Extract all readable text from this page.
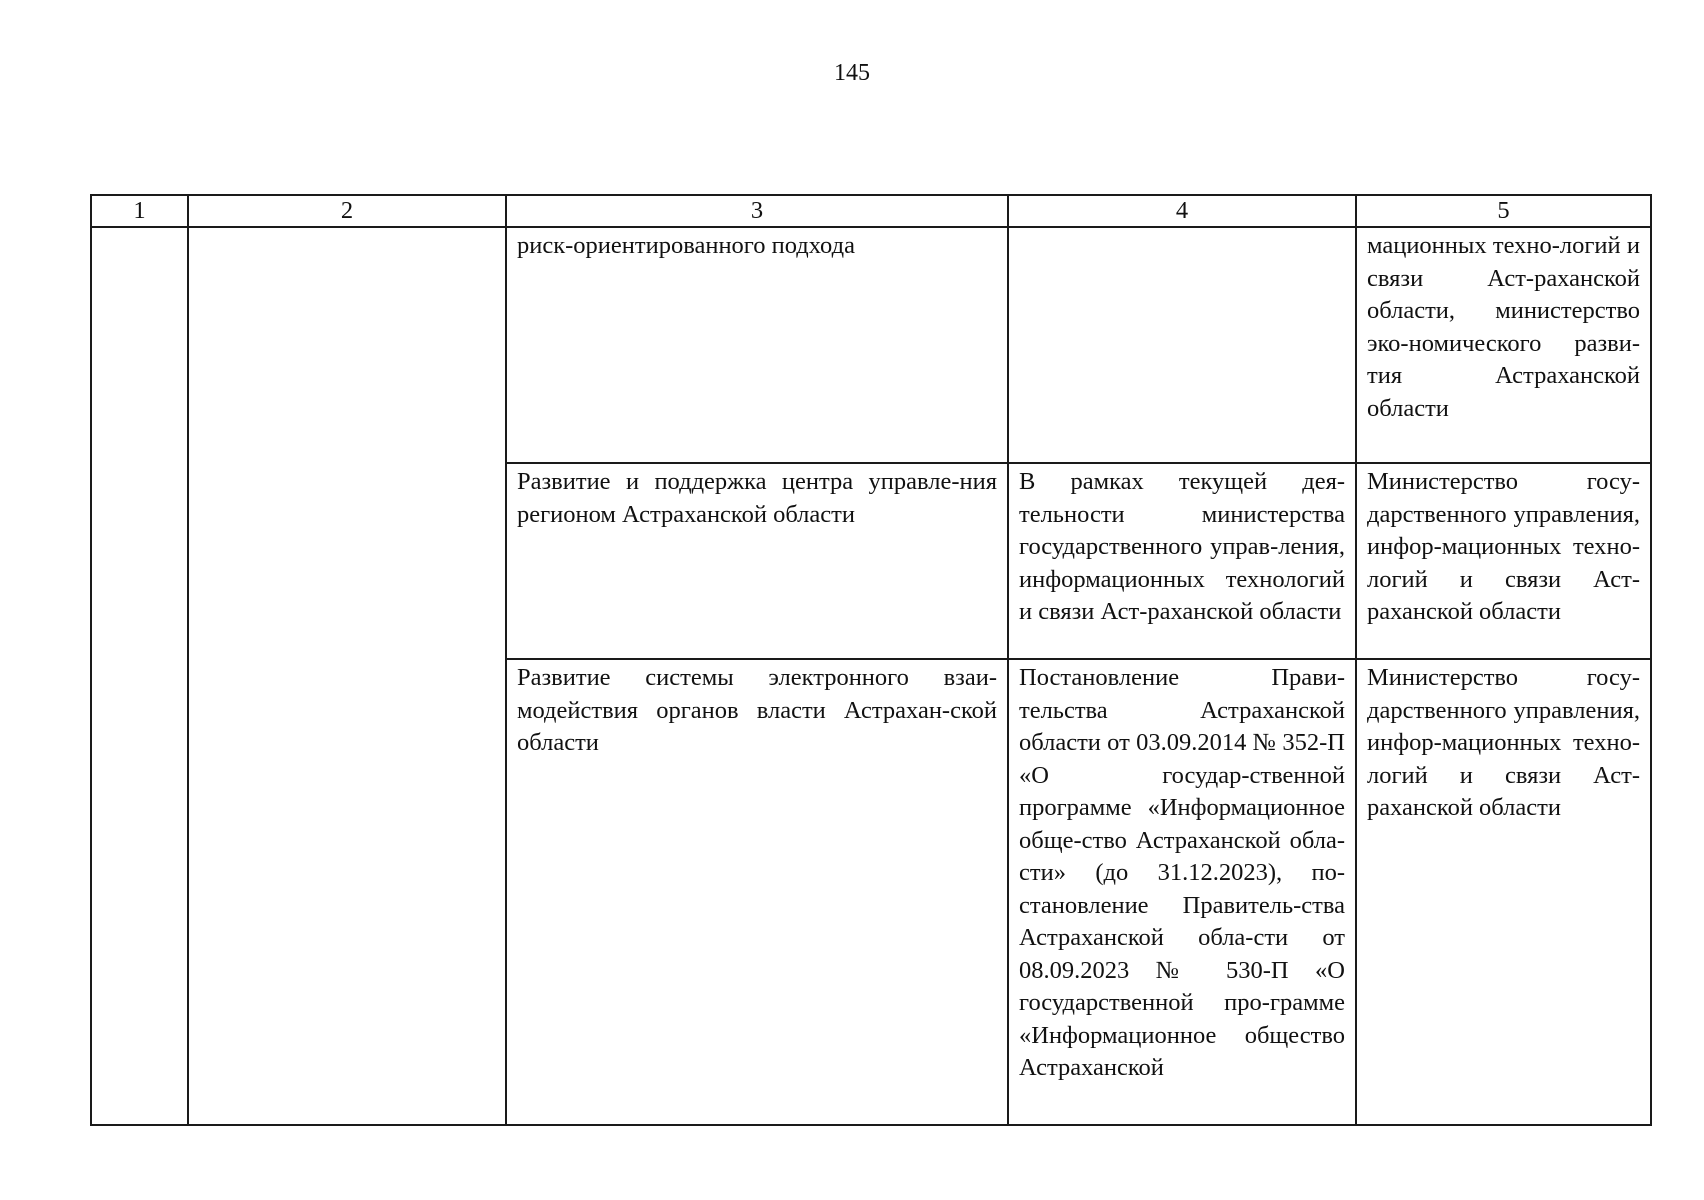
145
1	2	3	4	5

		риск-ориентированного подхода		мационных техно-логий и связи Аст-раханской области, министерство эко-номического разви-тия Астраханской области

		Развитие и поддержка центра управле-ния регионом Астраханской области	В рамках текущей дея-тельности министерства государственного управ-ления, информационных технологий и связи Аст-раханской области	Министерство госу-дарственного управления, инфор-мационных техно-логий и связи Аст-раханской области

		Развитие системы электронного взаи-модействия органов власти Астрахан-ской области	Постановление Прави-тельства Астраханской области от 03.09.2014 № 352-П «О государ-ственной программе «Информационное обще-ство Астраханской обла-сти» (до 31.12.2023), по-становление Правитель-ства Астраханской обла-сти от 08.09.2023 № 530-П «О государственной про-грамме «Информационное общество Астраханской	Министерство госу-дарственного управления, инфор-мационных техно-логий и связи Аст-раханской области
